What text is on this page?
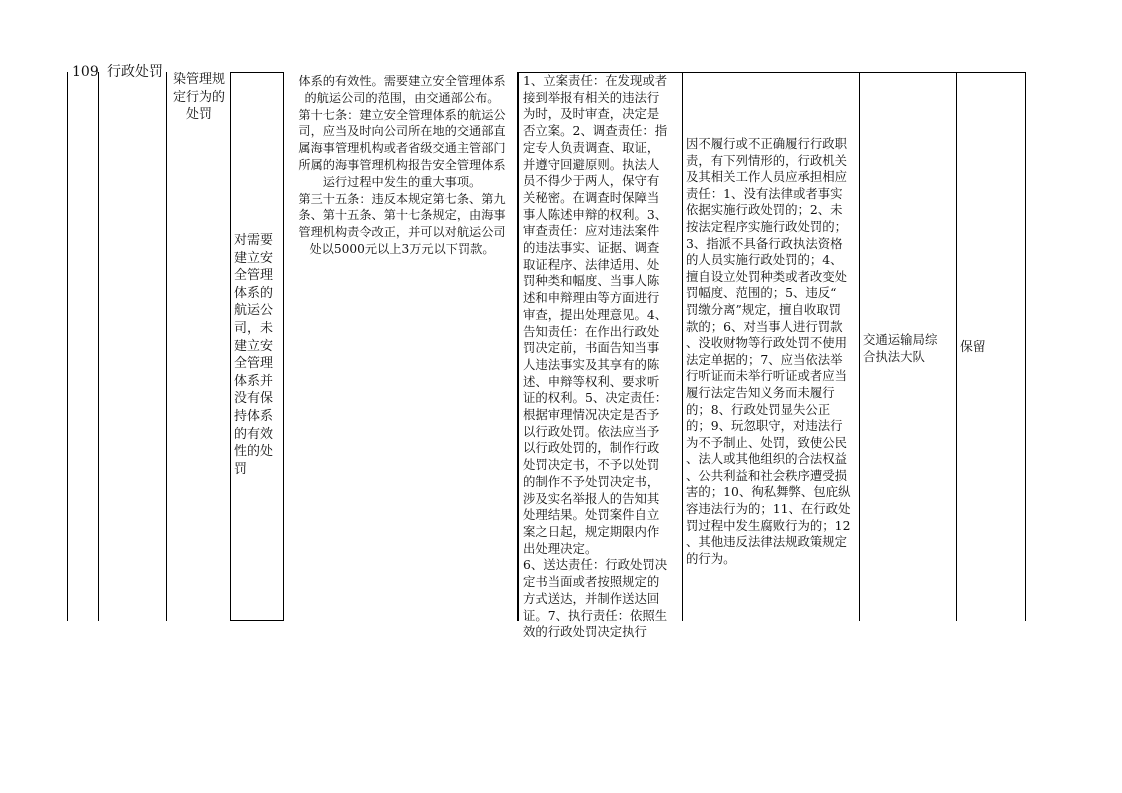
109 行政处罚 染管理规
定行为的
处罚
对需要
建立安
全管理
体系的
航运公
司，未
建立安
全管理
体系并
没有保
持体系
的有效
性的处
罚
体系的有效性。需要建立安全管理体系
的航运公司的范围，由交通部公布。
第十七条：建立安全管理体系的航运公
司，应当及时向公司所在地的交通部直
属海事管理机构或者省级交通主管部门
所属的海事管理机构报告安全管理体系
运行过程中发生的重大事项。
第三十五条：违反本规定第七条、第九
条、第十五条、第十七条规定，由海事
管理机构责令改正，并可以对航运公司
处以5000元以上3万元以下罚款。
1、立案责任：在发现或者
接到举报有相关的违法行
为时，及时审查，决定是
否立案。2、调查责任：指
定专人负责调查、取证，
并遵守回避原则。执法人
员不得少于两人，保守有
关秘密。在调查时保障当
事人陈述申辩的权利。3、
审查责任：应对违法案件
的违法事实、证据、调查
取证程序、法律适用、处
罚种类和幅度、当事人陈
述和申辩理由等方面进行
审查，提出处理意见。4、
告知责任：在作出行政处
罚决定前，书面告知当事
人违法事实及其享有的陈
述、申辩等权利、要求听
证的权利。5、决定责任：
根据审理情况决定是否予
以行政处罚。依法应当予
以行政处罚的，制作行政
处罚决定书，不予以处罚
的制作不予处罚决定书，
涉及实名举报人的告知其
处理结果。处罚案件自立
案之日起，规定期限内作
出处理决定。
6、送达责任：行政处罚决
定书当面或者按照规定的
方式送达，并制作送达回
证。7、执行责任：依照生
效的行政处罚决定执行
因不履行或不正确履行行政职
责，有下列情形的，行政机关
及其相关工作人员应承担相应
责任：1、没有法律或者事实
依据实施行政处罚的；2、未
按法定程序实施行政处罚的；
3、指派不具备行政执法资格
的人员实施行政处罚的；4、
擅自设立处罚种类或者改变处
罚幅度、范围的；5、违反“
罚缴分离”规定，擅自收取罚
款的；6、对当事人进行罚款
、没收财物等行政处罚不使用
法定单据的；7、应当依法举
行听证而未举行听证或者应当
履行法定告知义务而未履行
的；8、行政处罚显失公正
的；9、玩忽职守，对违法行
为不予制止、处罚，致使公民
、法人或其他组织的合法权益
、公共利益和社会秩序遭受损
害的；10、徇私舞弊、包庇纵
容违法行为的；11、在行政处
罚过程中发生腐败行为的；12
、其他违反法律法规政策规定
的行为。
交通运输局综
合执法大队
保留
